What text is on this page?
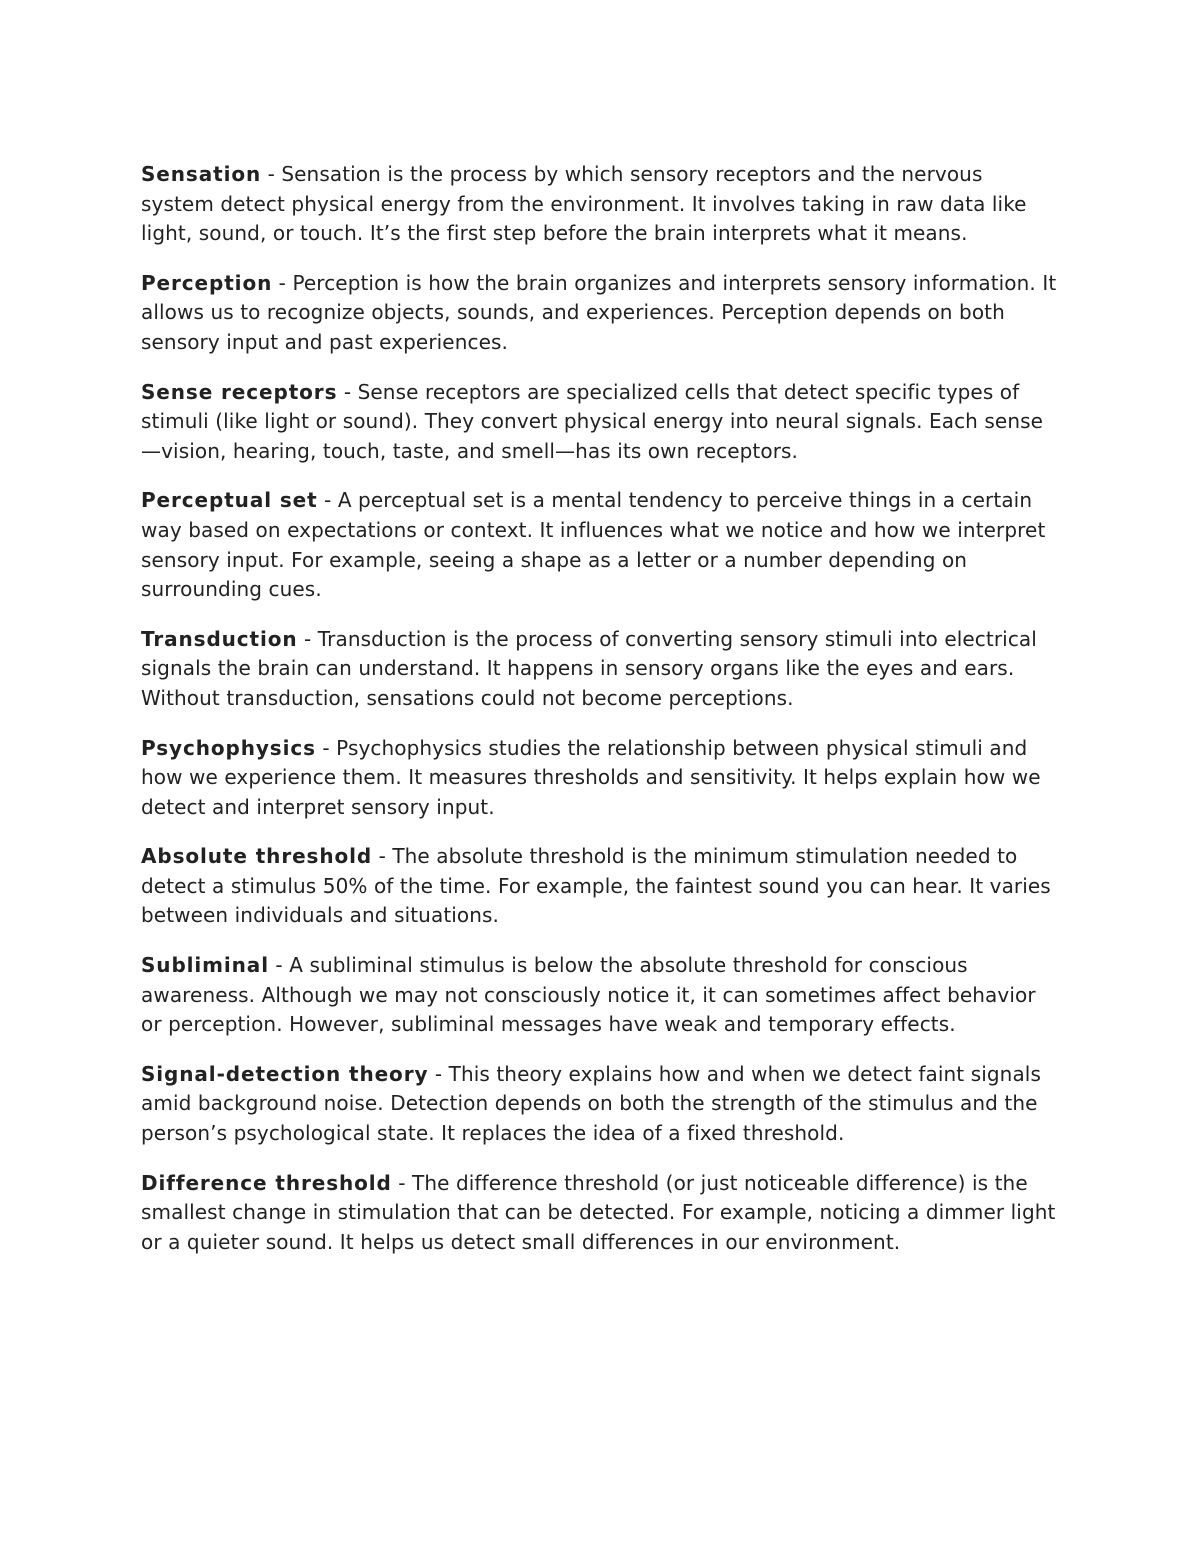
Sensation - Sensation is the process by which sensory receptors and the nervous system detect physical energy from the environment. It involves taking in raw data like light, sound, or touch. It’s the first step before the brain interprets what it means.

Perception - Perception is how the brain organizes and interprets sensory information. It allows us to recognize objects, sounds, and experiences. Perception depends on both sensory input and past experiences.

Sense receptors - Sense receptors are specialized cells that detect specific types of stimuli (like light or sound). They convert physical energy into neural signals. Each sense—vision, hearing, touch, taste, and smell—has its own receptors.

Perceptual set - A perceptual set is a mental tendency to perceive things in a certain way based on expectations or context. It influences what we notice and how we interpret sensory input. For example, seeing a shape as a letter or a number depending on surrounding cues.

Transduction - Transduction is the process of converting sensory stimuli into electrical signals the brain can understand. It happens in sensory organs like the eyes and ears. Without transduction, sensations could not become perceptions.

Psychophysics - Psychophysics studies the relationship between physical stimuli and how we experience them. It measures thresholds and sensitivity. It helps explain how we detect and interpret sensory input.

Absolute threshold - The absolute threshold is the minimum stimulation needed to detect a stimulus 50% of the time. For example, the faintest sound you can hear. It varies between individuals and situations.

Subliminal - A subliminal stimulus is below the absolute threshold for conscious awareness. Although we may not consciously notice it, it can sometimes affect behavior or perception. However, subliminal messages have weak and temporary effects.

Signal-detection theory - This theory explains how and when we detect faint signals amid background noise. Detection depends on both the strength of the stimulus and the person’s psychological state. It replaces the idea of a fixed threshold.

Difference threshold - The difference threshold (or just noticeable difference) is the smallest change in stimulation that can be detected. For example, noticing a dimmer light or a quieter sound. It helps us detect small differences in our environment.
